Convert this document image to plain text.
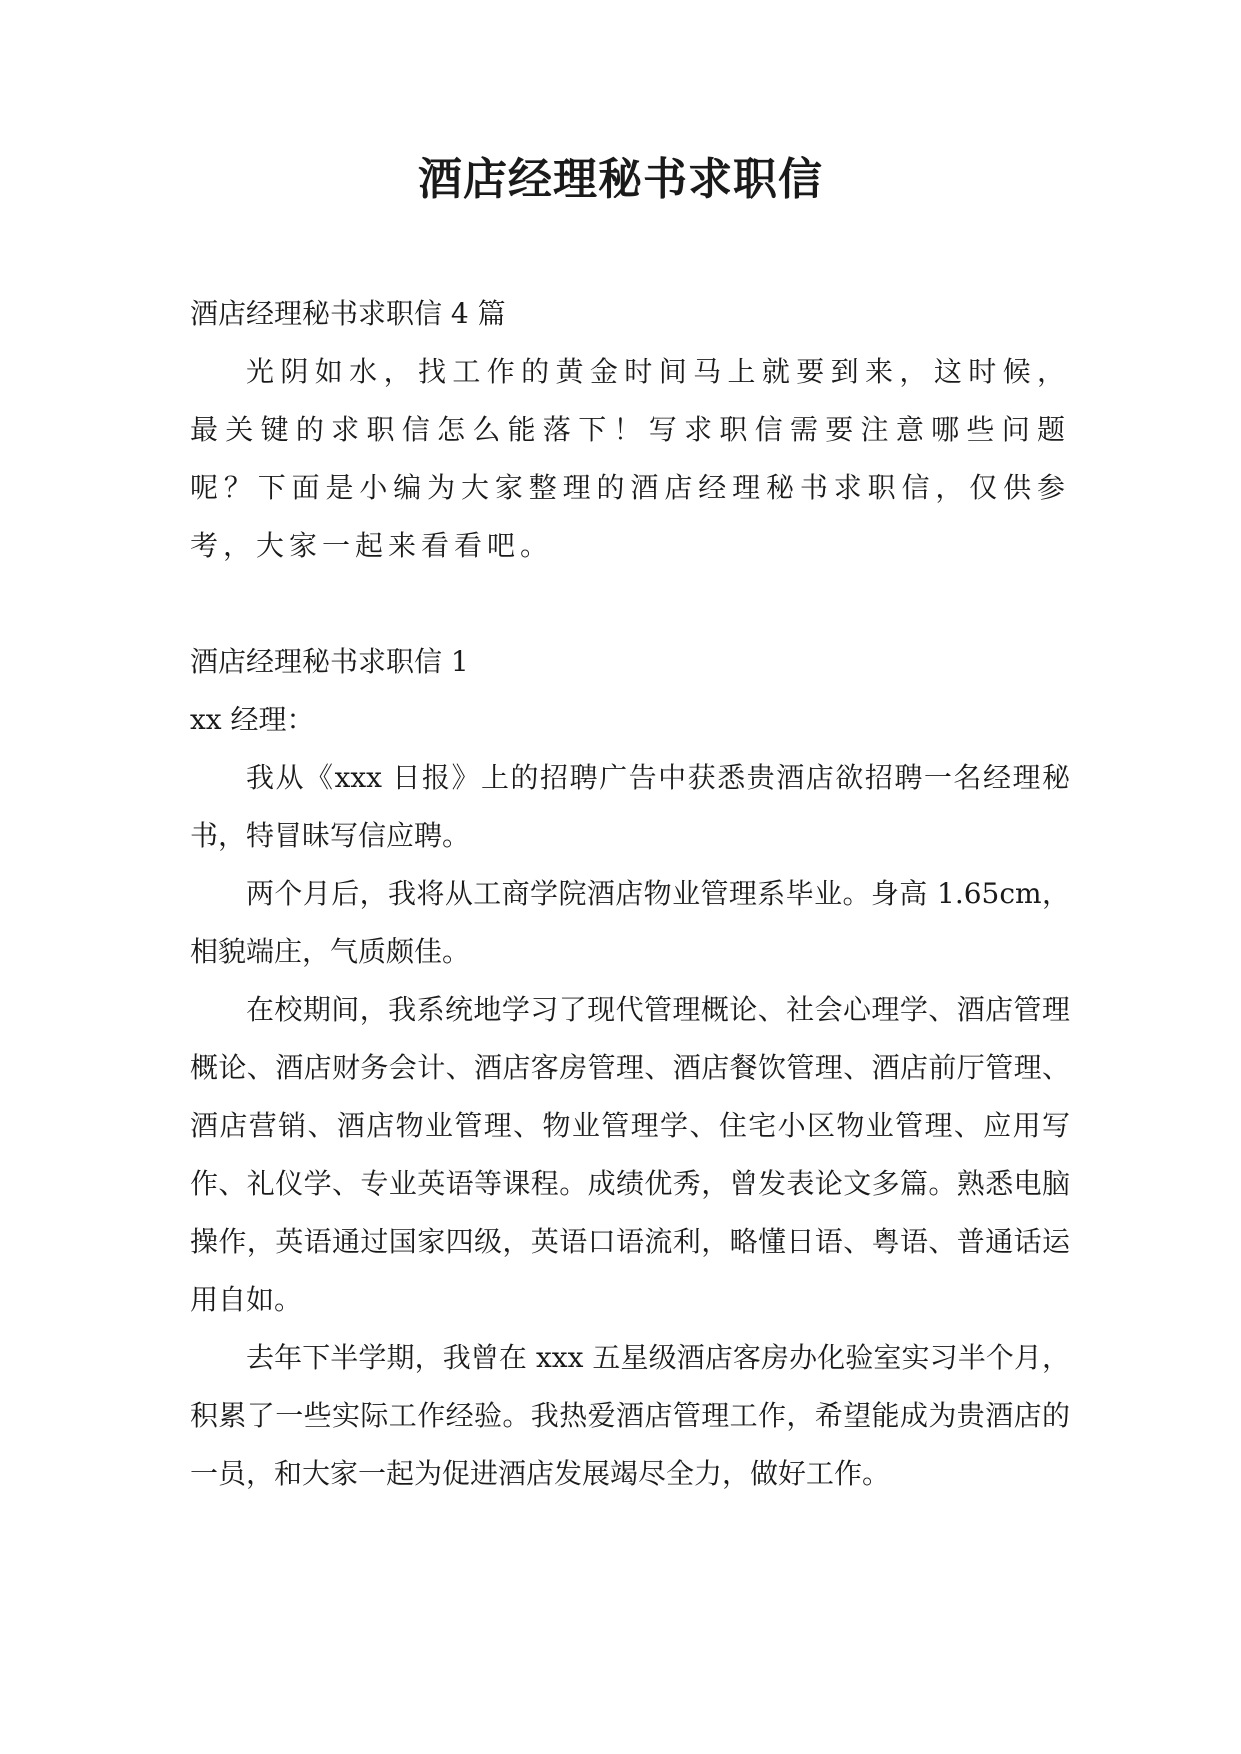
酒店经理秘书求职信

酒店经理秘书求职信 4 篇

光阴如水，找工作的黄金时间马上就要到来，这时候，最关键的求职信怎么能落下！写求职信需要注意哪些问题呢？下面是小编为大家整理的酒店经理秘书求职信，仅供参考，大家一起来看看吧。

酒店经理秘书求职信 1

xx 经理：

我从《xxx 日报》上的招聘广告中获悉贵酒店欲招聘一名经理秘书，特冒昧写信应聘。

两个月后，我将从工商学院酒店物业管理系毕业。身高 1.65cm，相貌端庄，气质颇佳。

在校期间，我系统地学习了现代管理概论、社会心理学、酒店管理概论、酒店财务会计、酒店客房管理、酒店餐饮管理、酒店前厅管理、酒店营销、酒店物业管理、物业管理学、住宅小区物业管理、应用写作、礼仪学、专业英语等课程。成绩优秀，曾发表论文多篇。熟悉电脑操作，英语通过国家四级，英语口语流利，略懂日语、粤语、普通话运用自如。

去年下半学期，我曾在 xxx 五星级酒店客房办化验室实习半个月，积累了一些实际工作经验。我热爱酒店管理工作，希望能成为贵酒店的一员，和大家一起为促进酒店发展竭尽全力，做好工作。
